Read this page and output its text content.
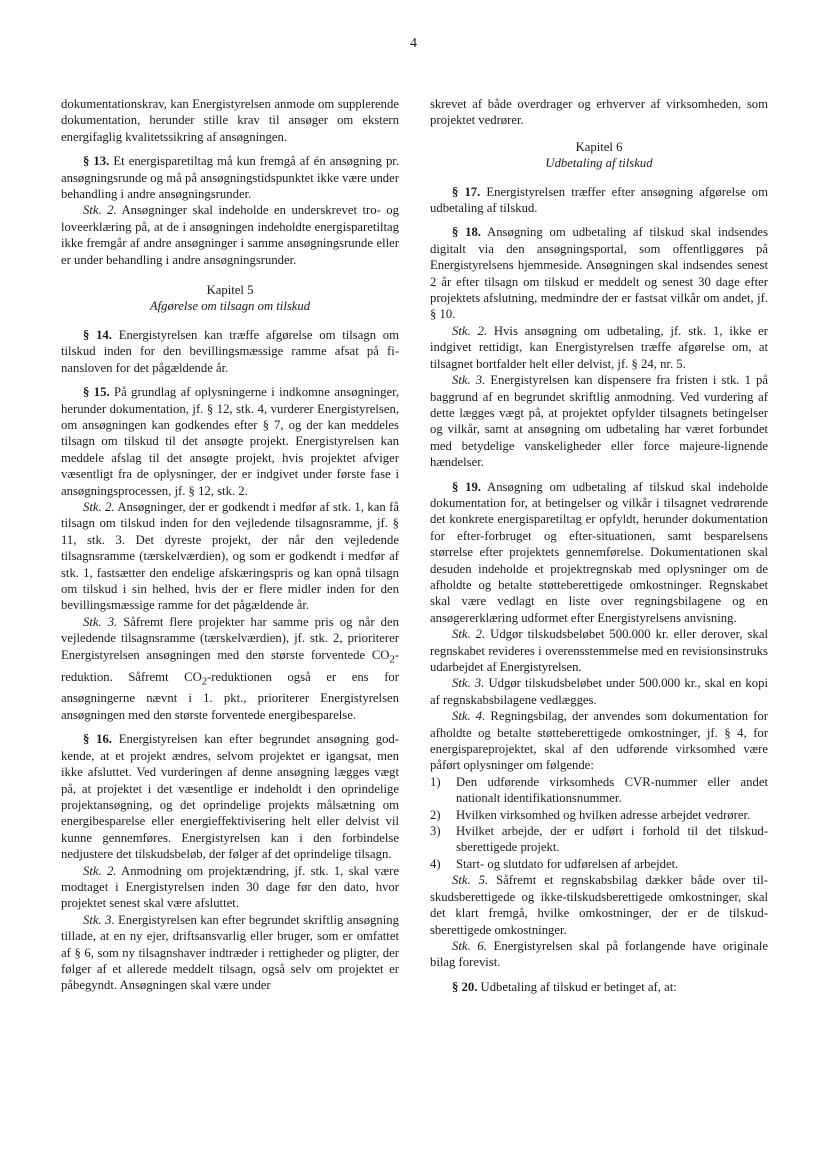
4

dokumentationskrav, kan Energistyrelsen anmode om supplerende dokumentation, herunder stille krav til ansøger om ekstern energifaglig kvalitetssikring af ansøgningen.

§ 13. Et energisparetiltag må kun fremgå af én ansøgning pr. ansøgningsrunde og må på ansøgningstidspunktet ikke være under behandling i andre ansøgningsrunder.

Stk. 2. Ansøgninger skal indeholde en underskrevet tro- og loveerklæring på, at de i ansøgningen indeholdte energisparetiltag ikke fremgår af andre ansøgninger i samme ansøgningsrunde eller er under behandling i andre ansøgningsrunder.

Kapitel 5

Afgørelse om tilsagn om tilskud

§ 14. Energistyrelsen kan træffe afgørelse om tilsagn om tilskud inden for den bevillingsmæssige ramme afsat på finansloven for det pågældende år.

§ 15. På grundlag af oplysningerne i indkomne ansøgninger, herunder dokumentation, jf. § 12, stk. 4, vurderer Energistyrelsen, om ansøgningen kan godkendes efter § 7, og der kan meddeles tilsagn om tilskud til det ansøgte projekt. Energistyrelsen kan meddele afslag til det ansøgte projekt, hvis projektet afviger væsentligt fra de oplysninger, der er indgivet under første fase i ansøgningsprocessen, jf. § 12, stk. 2.

Stk. 2. Ansøgninger, der er godkendt i medfør af stk. 1, kan få tilsagn om tilskud inden for den vejledende tilsagnsramme, jf. § 11, stk. 3. Det dyreste projekt, der når den vejledende tilsagnsramme (tærskelværdien), og som er godkendt i medfør af stk. 1, fastsætter den endelige afskæringspris og kan opnå tilsagn om tilskud i sin helhed, hvis der er flere midler inden for den bevillingsmæssige ramme for det pågældende år.

Stk. 3. Såfremt flere projekter har samme pris og når den vejledende tilsagnsramme (tærskelværdien), jf. stk. 2, prioriterer Energistyrelsen ansøgningen med den største forventede $CO_2$-reduktion. Såfremt $CO_2$-reduktionen også er ens for ansøgningerne nævnt i 1. pkt., prioriterer Energistyrelsen ansøgningen med den største forventede energibesparelse.

§ 16. Energistyrelsen kan efter begrundet ansøgning godkende, at et projekt ændres, selvom projektet er igangsat, men ikke afsluttet. Ved vurderingen af denne ansøgning lægges vægt på, at projektet i det væsentlige er indeholdt i den oprindelige projektansøgning, og det oprindelige projekts målsætning om energibesparelse eller energieffektivisering helt eller delvist vil kunne gennemføres. Energistyrelsen kan i den forbindelse nedjustere det tilskudsbeløb, der følger af det oprindelige tilsagn.

Stk. 2. Anmodning om projektændring, jf. stk. 1, skal være modtaget i Energistyrelsen inden 30 dage før den dato, hvor projektet senest skal være afsluttet.

Stk. 3. Energistyrelsen kan efter begrundet skriftlig ansøgning tillade, at en ny ejer, driftsansvarlig eller bruger, som er omfattet af § 6, som ny tilsagnshaver indtræder i rettigheder og pligter, der følger af et allerede meddelt tilsagn, også selv om projektet er påbegyndt. Ansøgningen skal være under

skrevet af både overdrager og erhverver af virksomheden, som projektet vedrører.

Kapitel 6

Udbetaling af tilskud

§ 17. Energistyrelsen træffer efter ansøgning afgørelse om udbetaling af tilskud.

§ 18. Ansøgning om udbetaling af tilskud skal indsendes digitalt via den ansøgningsportal, som offentliggøres på Energistyrelsens hjemmeside. Ansøgningen skal indsendes senest 2 år efter tilsagn om tilskud er meddelt og senest 30 dage efter projektets afslutning, medmindre der er fastsat vilkår om andet, jf. § 10.

Stk. 2. Hvis ansøgning om udbetaling, jf. stk. 1, ikke er indgivet rettidigt, kan Energistyrelsen træffe afgørelse om, at tilsagnet bortfalder helt eller delvist, jf. § 24, nr. 5.

Stk. 3. Energistyrelsen kan dispensere fra fristen i stk. 1 på baggrund af en begrundet skriftlig anmodning. Ved vurdering af dette lægges vægt på, at projektet opfylder tilsagnets betingelser og vilkår, samt at ansøgning om udbetaling har været forbundet med betydelige vanskeligheder eller force majeure-lignende hændelser.

§ 19. Ansøgning om udbetaling af tilskud skal indeholde dokumentation for, at betingelser og vilkår i tilsagnet vedrørende det konkrete energisparetiltag er opfyldt, herunder dokumentation for efter-forbruget og efter-situationen, samt besparelsens størrelse efter projektets gennemførelse. Dokumentationen skal desuden indeholde et projektregnskab med oplysninger om de afholdte og betalte støtteberettigede omkostninger. Regnskabet skal være vedlagt en liste over regningsbilagene og en ansøgererklæring udformet efter Energistyrelsens anvisning.

Stk. 2. Udgør tilskudsbeløbet 500.000 kr. eller derover, skal regnskabet revideres i overensstemmelse med en revisionsinstruks udarbejdet af Energistyrelsen.

Stk. 3. Udgør tilskudsbeløbet under 500.000 kr., skal en kopi af regnskabsbilagene vedlægges.

Stk. 4. Regningsbilag, der anvendes som dokumentation for afholdte og betalte støtteberettigede omkostninger, jf. § 4, for energispareprojektet, skal af den udførende virksomhed være påført oplysninger om følgende:

1)	Den udførende virksomheds CVR-nummer eller andet nationalt identifikationsnummer.
2)	Hvilken virksomhed og hvilken adresse arbejdet vedrører.
3)	Hvilket arbejde, der er udført i forhold til det tilskudsberettigede projekt.
4)	Start- og slutdato for udførelsen af arbejdet.

Stk. 5. Såfremt et regnskabsbilag dækker både over tilskudsberettigede og ikke-tilskudsberettigede omkostninger, skal det klart fremgå, hvilke omkostninger, der er de tilskudsberettigede omkostninger.

Stk. 6. Energistyrelsen skal på forlangende have originale bilag forevist.

§ 20. Udbetaling af tilskud er betinget af, at:
